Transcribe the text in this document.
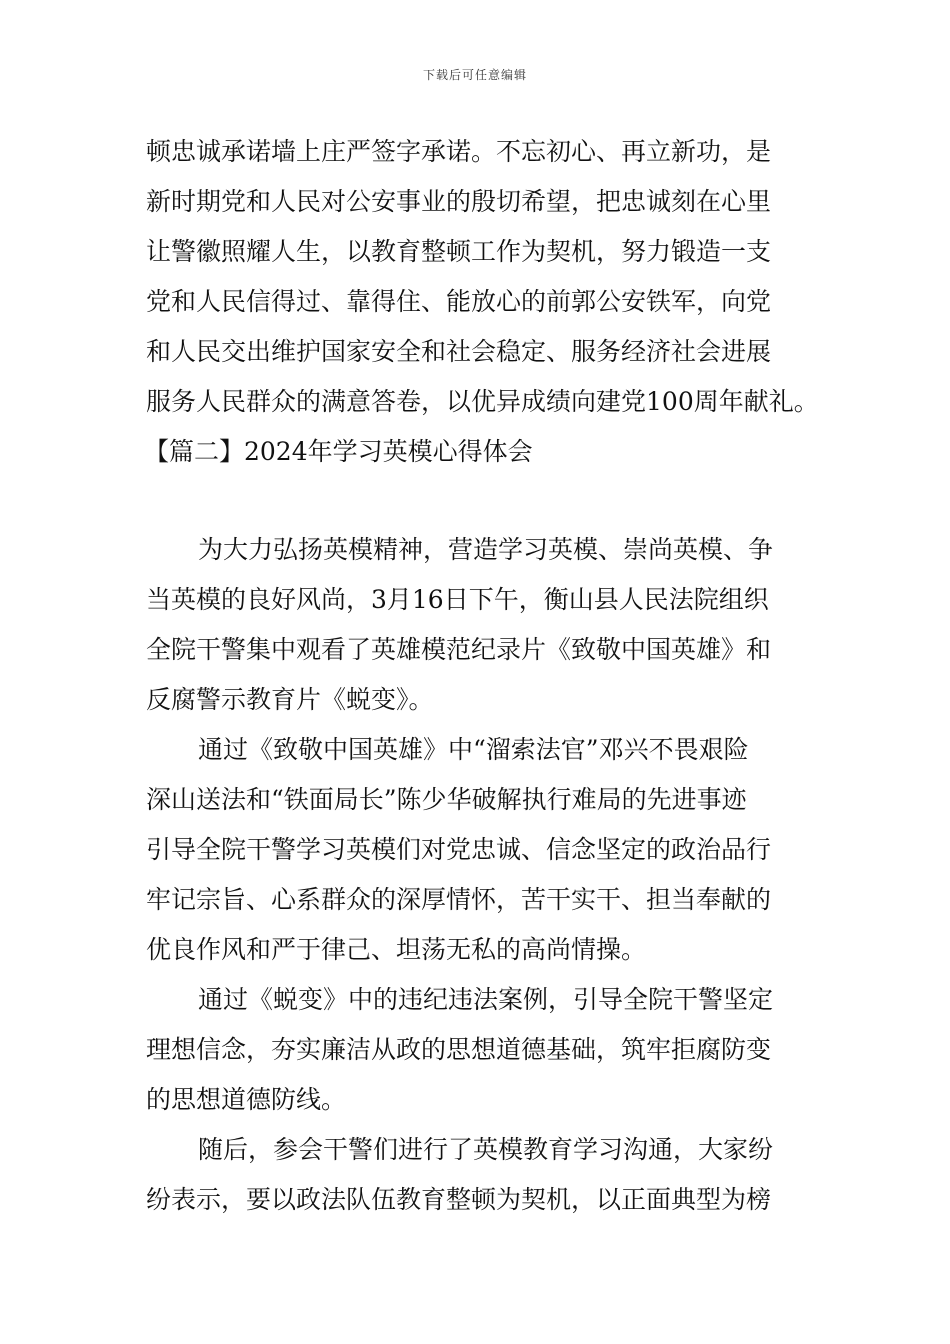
下载后可任意编辑
顿忠诚承诺墙上庄严签字承诺。不忘初心、再立新功，是
新时期党和人民对公安事业的殷切希望，把忠诚刻在心里
让警徽照耀人生，以教育整顿工作为契机，努力锻造一支
党和人民信得过、靠得住、能放心的前郭公安铁军，向党
和人民交出维护国家安全和社会稳定、服务经济社会进展
服务人民群众的满意答卷，以优异成绩向建党100周年献礼。
【篇二】2024年学习英模心得体会
为大力弘扬英模精神，营造学习英模、崇尚英模、争
当英模的良好风尚，3月16日下午，衡山县人民法院组织
全院干警集中观看了英雄模范纪录片《致敬中国英雄》和
反腐警示教育片《蜕变》。
通过《致敬中国英雄》中“溜索法官”邓兴不畏艰险
深山送法和“铁面局长”陈少华破解执行难局的先进事迹
引导全院干警学习英模们对党忠诚、信念坚定的政治品行
牢记宗旨、心系群众的深厚情怀，苦干实干、担当奉献的
优良作风和严于律己、坦荡无私的高尚情操。
通过《蜕变》中的违纪违法案例，引导全院干警坚定
理想信念，夯实廉洁从政的思想道德基础，筑牢拒腐防变
的思想道德防线。
随后，参会干警们进行了英模教育学习沟通，大家纷
纷表示，要以政法队伍教育整顿为契机，以正面典型为榜
